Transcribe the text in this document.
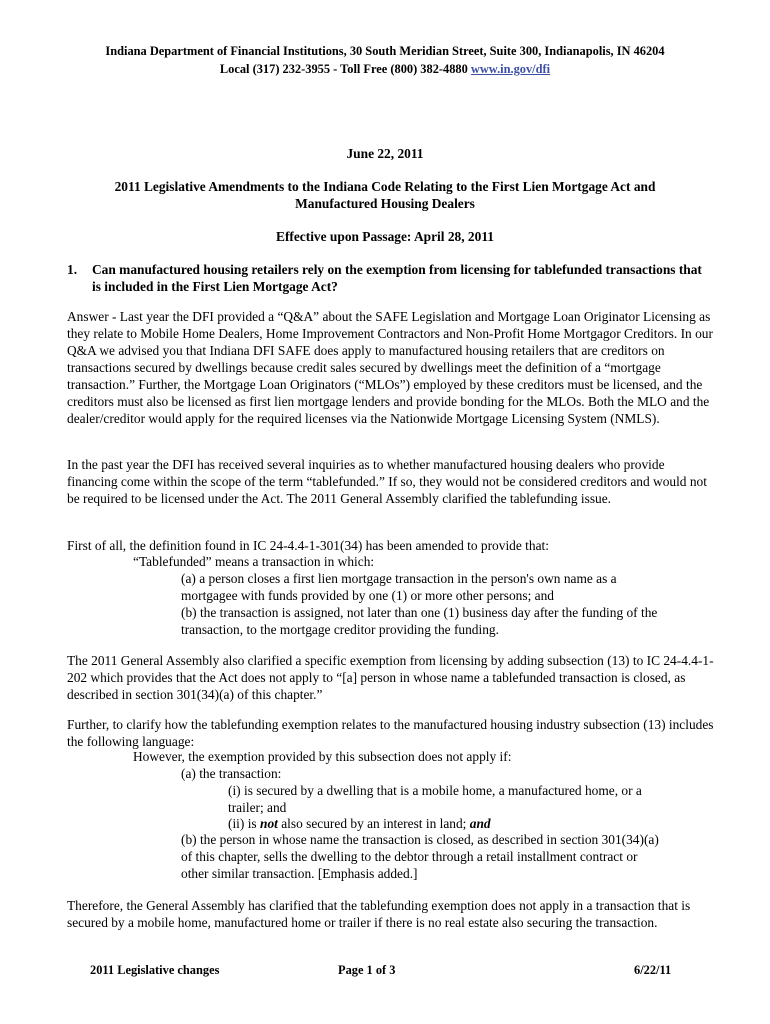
Indiana Department of Financial Institutions, 30 South Meridian Street, Suite 300, Indianapolis, IN 46204
Local (317) 232-3955 - Toll Free (800) 382-4880 www.in.gov/dfi
June 22, 2011
2011 Legislative Amendments to the Indiana Code Relating to the First Lien Mortgage Act and
Manufactured Housing Dealers
Effective upon Passage: April 28, 2011
1. Can manufactured housing retailers rely on the exemption from licensing for tablefunded transactions that is included in the First Lien Mortgage Act?
Answer - Last year the DFI provided a “Q&A” about the SAFE Legislation and Mortgage Loan Originator Licensing as they relate to Mobile Home Dealers, Home Improvement Contractors and Non-Profit Home Mortgagor Creditors. In our Q&A we advised you that Indiana DFI SAFE does apply to manufactured housing retailers that are creditors on transactions secured by dwellings because credit sales secured by dwellings meet the definition of a “mortgage transaction.” Further, the Mortgage Loan Originators (“MLOs”) employed by these creditors must be licensed, and the creditors must also be licensed as first lien mortgage lenders and provide bonding for the MLOs. Both the MLO and the dealer/creditor would apply for the required licenses via the Nationwide Mortgage Licensing System (NMLS).
In the past year the DFI has received several inquiries as to whether manufactured housing dealers who provide financing come within the scope of the term “tablefunded.” If so, they would not be considered creditors and would not be required to be licensed under the Act. The 2011 General Assembly clarified the tablefunding issue.
First of all, the definition found in IC 24-4.4-1-301(34) has been amended to provide that:
“Tablefunded” means a transaction in which:
(a) a person closes a first lien mortgage transaction in the person's own name as a mortgagee with funds provided by one (1) or more other persons; and
(b) the transaction is assigned, not later than one (1) business day after the funding of the transaction, to the mortgage creditor providing the funding.
The 2011 General Assembly also clarified a specific exemption from licensing by adding subsection (13) to IC 24-4.4-1-202 which provides that the Act does not apply to “[a] person in whose name a tablefunded transaction is closed, as described in section 301(34)(a) of this chapter.”
Further, to clarify how the tablefunding exemption relates to the manufactured housing industry subsection (13) includes the following language:
However, the exemption provided by this subsection does not apply if:
(a) the transaction:
(i) is secured by a dwelling that is a mobile home, a manufactured home, or a trailer; and
(ii) is not also secured by an interest in land; and
(b) the person in whose name the transaction is closed, as described in section 301(34)(a) of this chapter, sells the dwelling to the debtor through a retail installment contract or other similar transaction. [Emphasis added.]
Therefore, the General Assembly has clarified that the tablefunding exemption does not apply in a transaction that is secured by a mobile home, manufactured home or trailer if there is no real estate also securing the transaction.
2011 Legislative changes	Page 1 of 3	6/22/11
